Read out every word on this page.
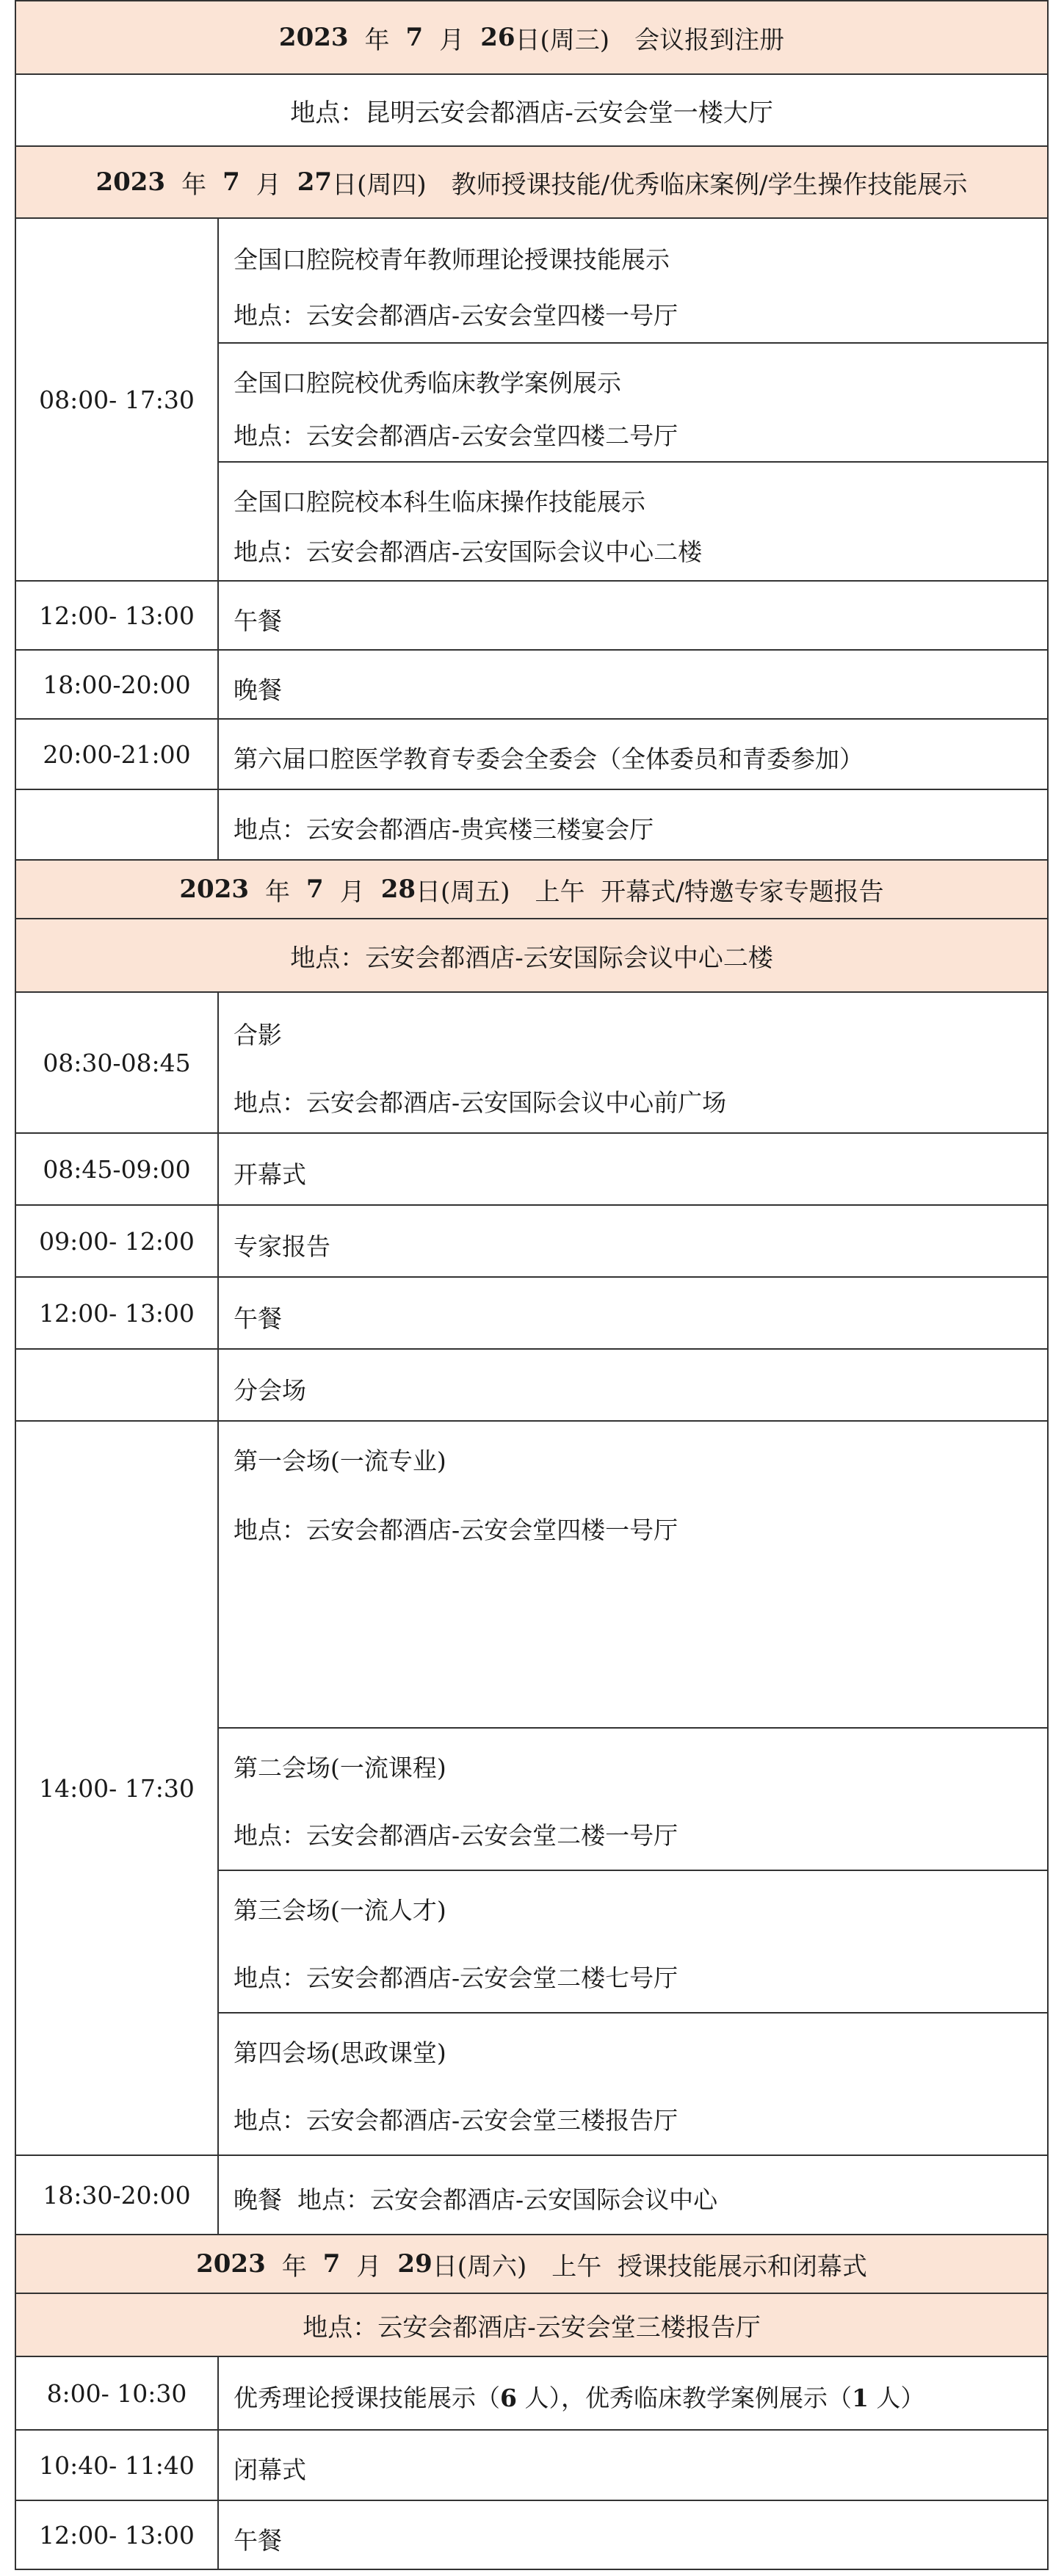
2023 年 7 月 26 日(周三) 会议报到注册
地点：昆明云安会都酒店-云安会堂一楼大厅
2023 年 7 月 27 日(周四) 教师授课技能/优秀临床案例/学生操作技能展示
08:00- 17:30
全国口腔院校青年教师理论授课技能展示
地点：云安会都酒店-云安会堂四楼一号厅
全国口腔院校优秀临床教学案例展示
地点：云安会都酒店-云安会堂四楼二号厅
全国口腔院校本科生临床操作技能展示
地点：云安会都酒店-云安国际会议中心二楼
12:00- 13:00 午餐
18:00-20:00 晚餐
20:00-21:00 第六届口腔医学教育专委会全委会（全体委员和青委参加）
地点：云安会都酒店-贵宾楼三楼宴会厅
2023 年 7 月 28 日(周五) 上午  开幕式/特邀专家专题报告
地点：云安会都酒店-云安国际会议中心二楼
08:30-08:45
合影
地点：云安会都酒店-云安国际会议中心前广场
08:45-09:00 开幕式
09:00- 12:00 专家报告
12:00- 13:00 午餐
分会场
14:00- 17:30
第一会场(一流专业)
地点：云安会都酒店-云安会堂四楼一号厅
第二会场(一流课程)
地点：云安会都酒店-云安会堂二楼一号厅
第三会场(一流人才)
地点：云安会都酒店-云安会堂二楼七号厅
第四会场(思政课堂)
地点：云安会都酒店-云安会堂三楼报告厅
18:30-20:00 晚餐  地点：云安会都酒店-云安国际会议中心
2023 年 7 月 29 日(周六) 上午  授课技能展示和闭幕式
地点：云安会都酒店-云安会堂三楼报告厅
8:00- 10:30 优秀理论授课技能展示（6 人），优秀临床教学案例展示（1 人）
10:40- 11:40 闭幕式
12:00- 13:00 午餐
